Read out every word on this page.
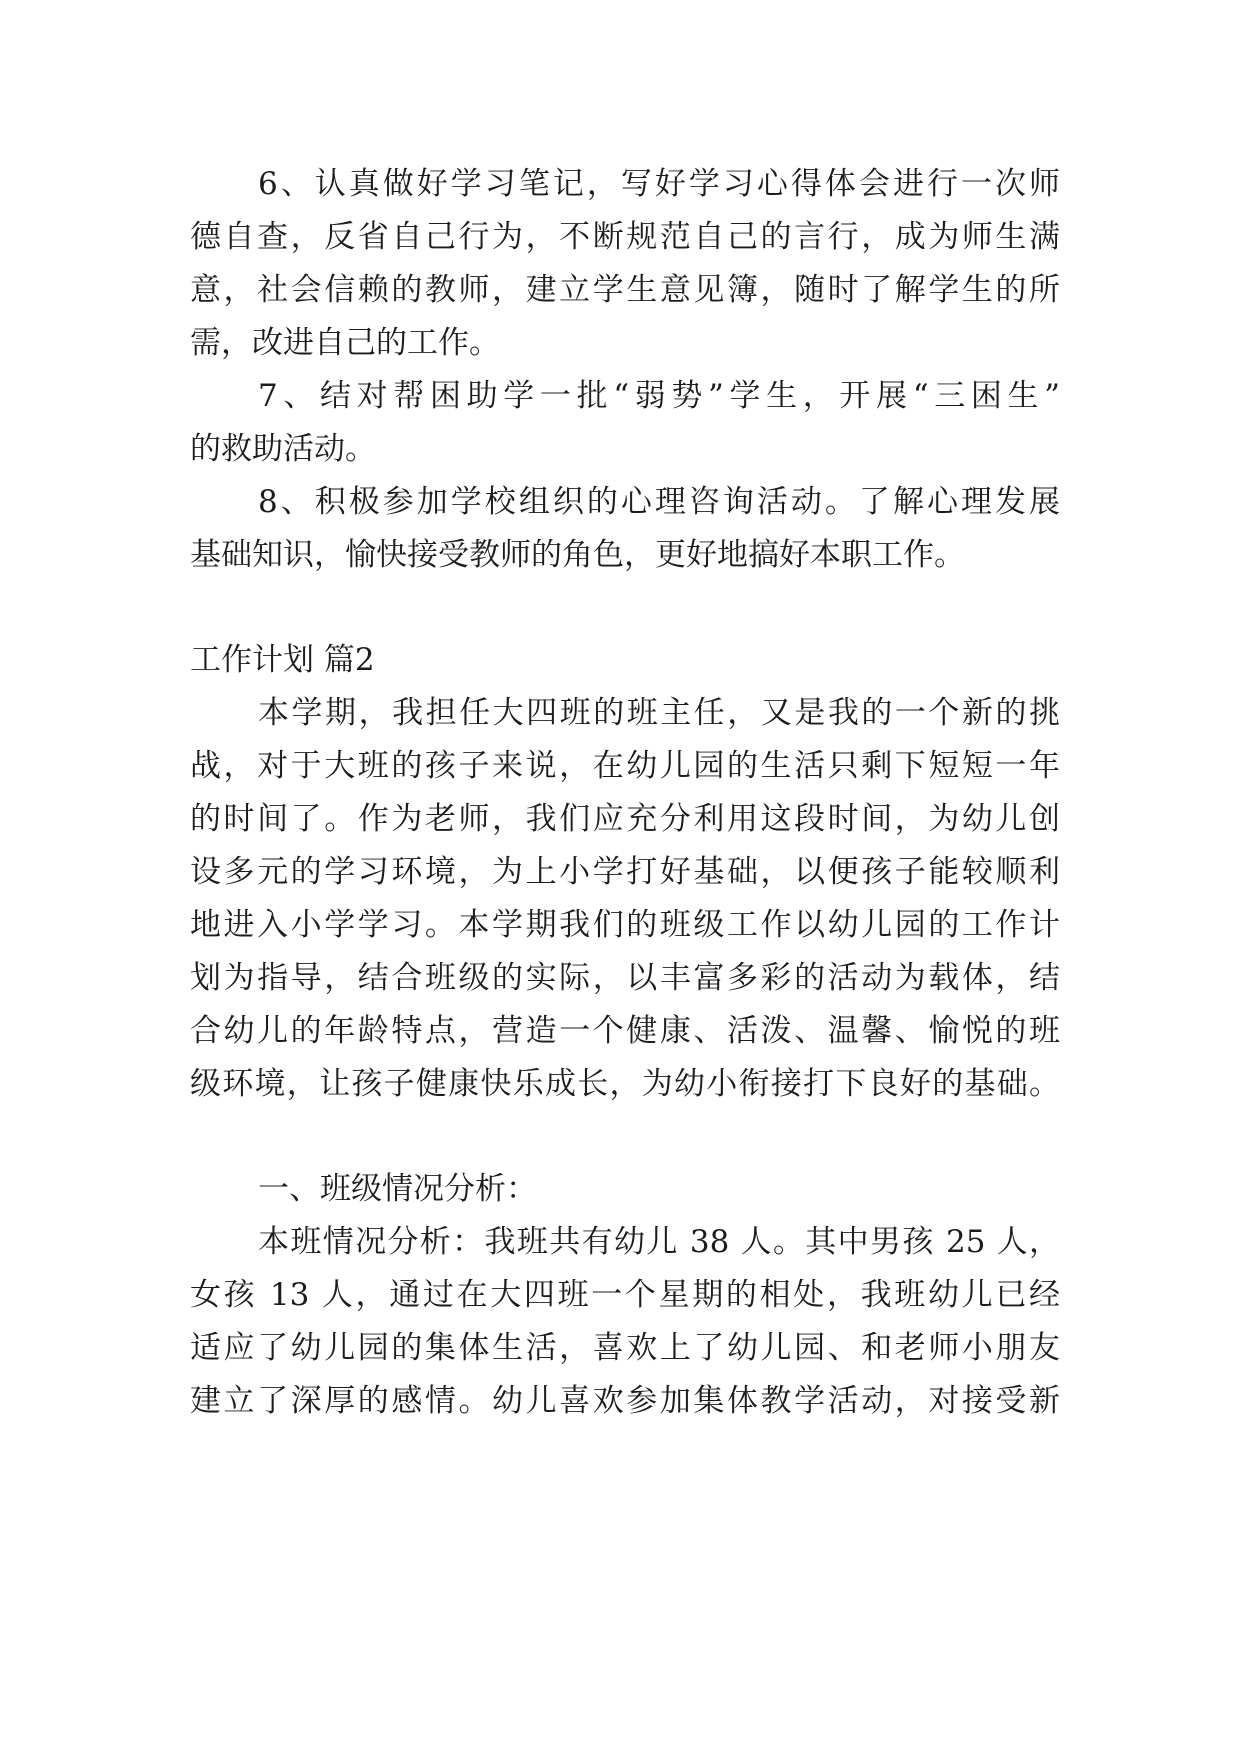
6、认真做好学习笔记，写好学习心得体会进行一次师
德自查，反省自己行为，不断规范自己的言行，成为师生满
意，社会信赖的教师，建立学生意见簿，随时了解学生的所
需，改进自己的工作。
7、结对帮困助学一批“弱势”学生，开展“三困生”
的救助活动。
8、积极参加学校组织的心理咨询活动。了解心理发展
基础知识，愉快接受教师的角色，更好地搞好本职工作。
工作计划 篇2
本学期，我担任大四班的班主任，又是我的一个新的挑
战，对于大班的孩子来说，在幼儿园的生活只剩下短短一年
的时间了。作为老师，我们应充分利用这段时间，为幼儿创
设多元的学习环境，为上小学打好基础，以便孩子能较顺利
地进入小学学习。本学期我们的班级工作以幼儿园的工作计
划为指导，结合班级的实际，以丰富多彩的活动为载体，结
合幼儿的年龄特点，营造一个健康、活泼、温馨、愉悦的班
级环境，让孩子健康快乐成长，为幼小衔接打下良好的基础。
一、班级情况分析：
本班情况分析：我班共有幼儿 38 人。其中男孩 25 人，
女孩 13 人，通过在大四班一个星期的相处，我班幼儿已经
适应了幼儿园的集体生活，喜欢上了幼儿园、和老师小朋友
建立了深厚的感情。幼儿喜欢参加集体教学活动，对接受新
